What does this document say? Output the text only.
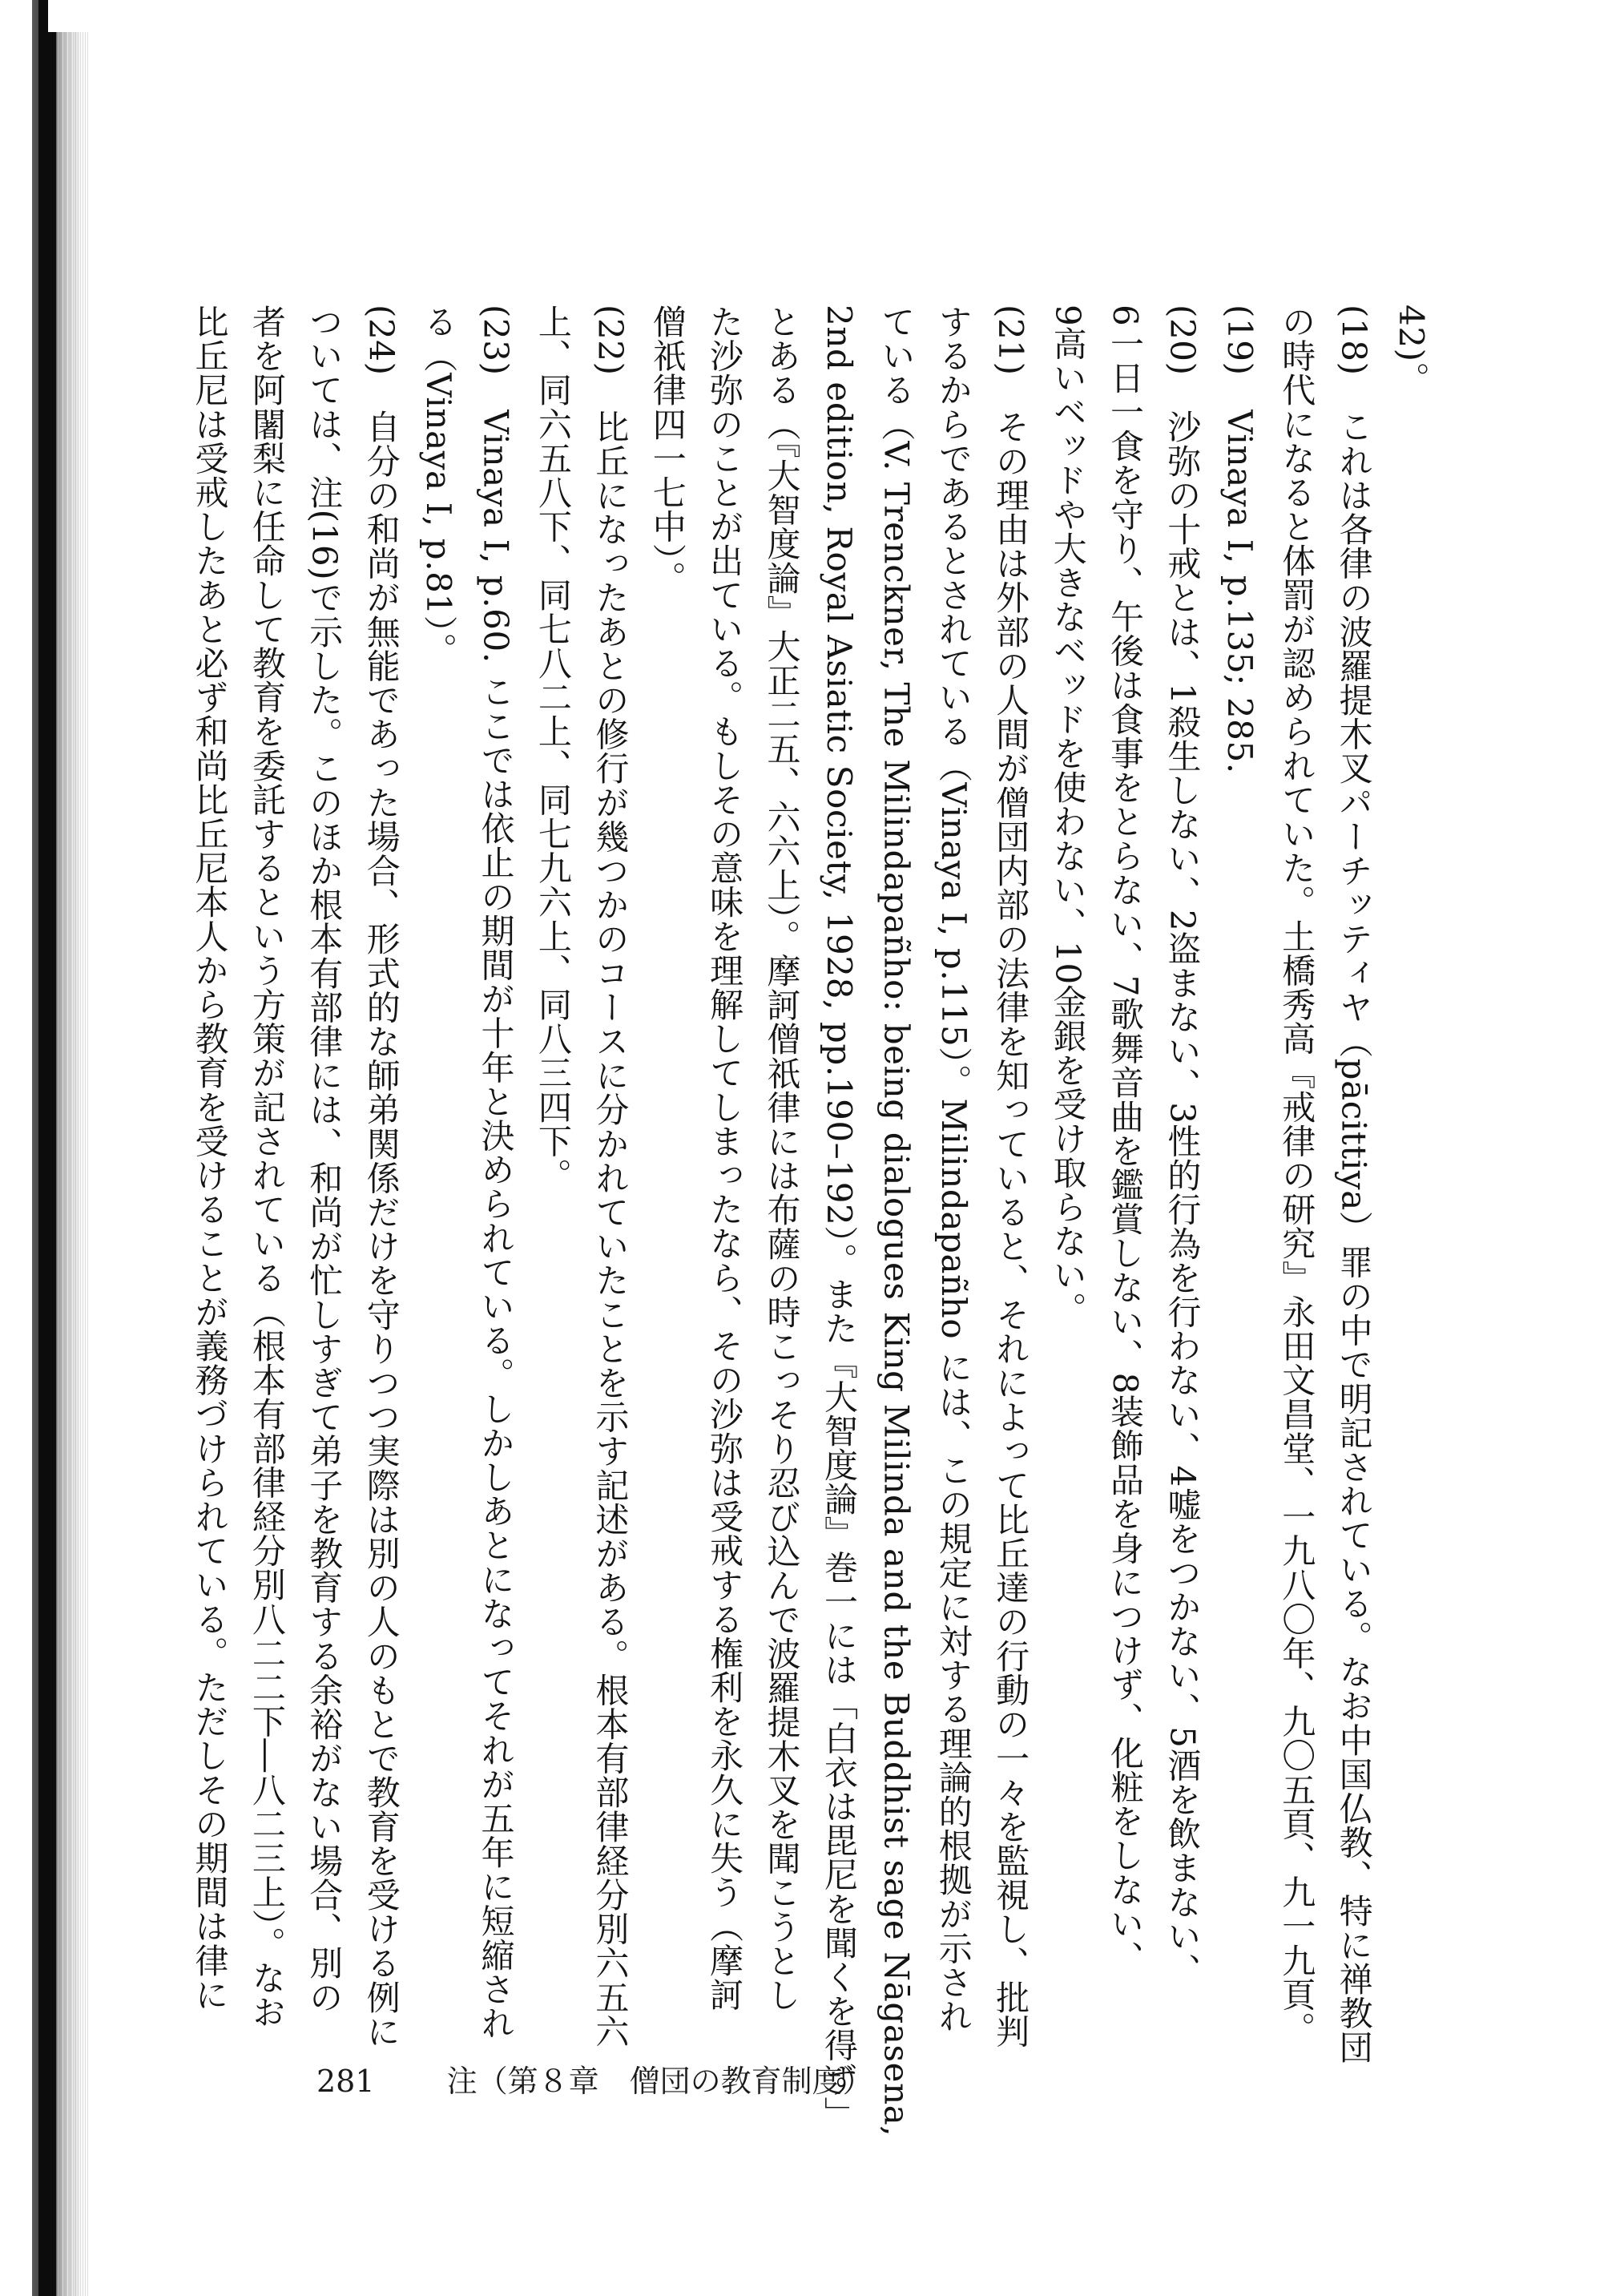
42)。
(18)　これは各律の波羅提木叉パーチッティヤ（pācittiya）罪の中で明記されている。なお中国仏教、特に禅教団
の時代になると体罰が認められていた。土橋秀高『戒律の研究』永田文昌堂、一九八〇年、九〇五頁、九一九頁。
(19)　Vinaya I, p.135; 285.
(20)　沙弥の十戒とは、1殺生しない、2盗まない、3性的行為を行わない、4嘘をつかない、5酒を飲まない、
6一日一食を守り、午後は食事をとらない、7歌舞音曲を鑑賞しない、8装飾品を身につけず、化粧をしない、
9高いベッドや大きなベッドを使わない、10金銀を受け取らない。
(21)　その理由は外部の人間が僧団内部の法律を知っていると、それによって比丘達の行動の一々を監視し、批判
するからであるとされている（Vinaya I, p.115）。Milindapañho には、この規定に対する理論的根拠が示され
ている（V. Trenckner, The Milindapañho: being dialogues King Milinda and the Buddhist sage Nāgasena,
2nd edition, Royal Asiatic Society, 1928, pp.190–192）。また『大智度論』巻一には「白衣は毘尼を聞くを得ず」
とある（『大智度論』大正二五、六六上）。摩訶僧祇律には布薩の時こっそり忍び込んで波羅提木叉を聞こうとし
た沙弥のことが出ている。もしその意味を理解してしまったなら、その沙弥は受戒する権利を永久に失う（摩訶
僧祇律四一七中）。
(22)　比丘になったあとの修行が幾つかのコースに分かれていたことを示す記述がある。根本有部律経分別六五六
上、同六五八下、同七八二上、同七九六上、同八三四下。
(23)　Vinaya I, p.60. ここでは依止の期間が十年と決められている。しかしあとになってそれが五年に短縮され
る（Vinaya I, p.81）。
(24)　自分の和尚が無能であった場合、形式的な師弟関係だけを守りつつ実際は別の人のもとで教育を受ける例に
ついては、注(16)で示した。このほか根本有部律には、和尚が忙しすぎて弟子を教育する余裕がない場合、別の
者を阿闍梨に任命して教育を委託するという方策が記されている（根本有部律経分別八二二下―八二三上）。なお
比丘尼は受戒したあと必ず和尚比丘尼本人から教育を受けることが義務づけられている。ただしその期間は律に
281 注（第８章　僧団の教育制度）
